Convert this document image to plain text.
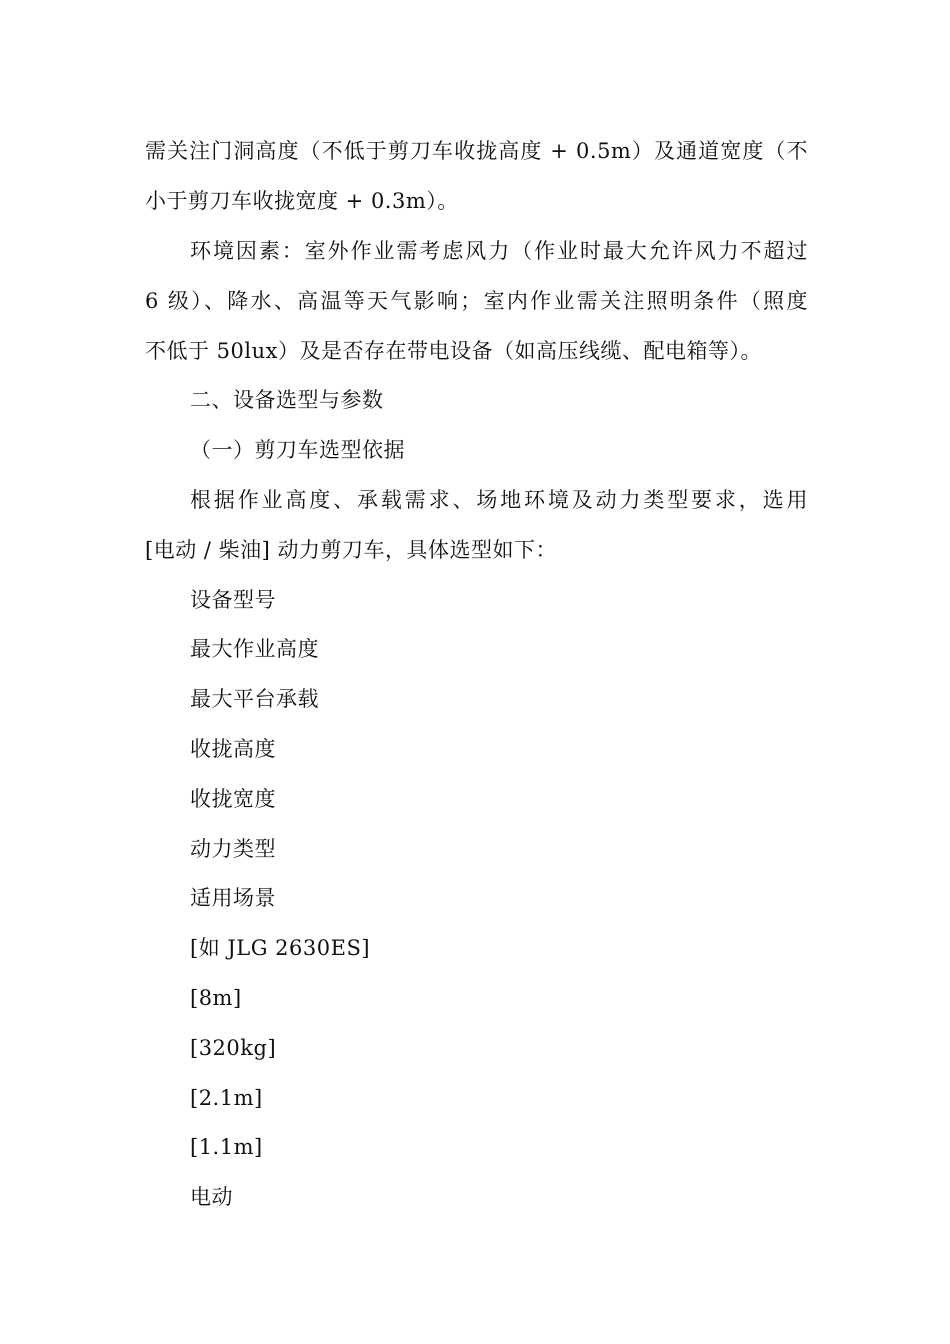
需关注门洞高度（不低于剪刀车收拢高度 + 0.5m）及通道宽度（不
小于剪刀车收拢宽度 + 0.3m）。
环境因素：室外作业需考虑风力（作业时最大允许风力不超过
6 级）、降水、高温等天气影响；室内作业需关注照明条件（照度
不低于 50lux）及是否存在带电设备（如高压线缆、配电箱等）。
二、设备选型与参数
（一）剪刀车选型依据
根据作业高度、承载需求、场地环境及动力类型要求，选用
[电动 / 柴油] 动力剪刀车，具体选型如下：
设备型号
最大作业高度
最大平台承载
收拢高度
收拢宽度
动力类型
适用场景
[如 JLG 2630ES]
[8m]
[320kg]
[2.1m]
[1.1m]
电动
